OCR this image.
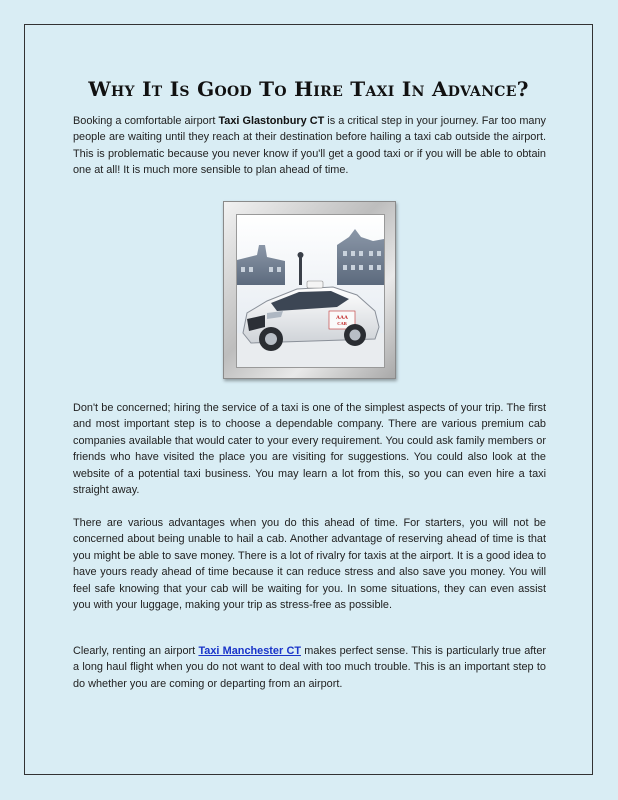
Why It Is Good To Hire Taxi In Advance?

Booking a comfortable airport Taxi Glastonbury CT is a critical step in your journey. Far too many people are waiting until they reach at their destination before hailing a taxi cab outside the airport. This is problematic because you never know if you'll get a good taxi or if you will be able to obtain one at all! It is much more sensible to plan ahead of time.

AAA
CAB

Don't be concerned; hiring the service of a taxi is one of the simplest aspects of your trip. The first and most important step is to choose a dependable company. There are various premium cab companies available that would cater to your every requirement. You could ask family members or friends who have visited the place you are visiting for suggestions. You could also look at the website of a potential taxi business. You may learn a lot from this, so you can even hire a taxi straight away.

There are various advantages when you do this ahead of time. For starters, you will not be concerned about being unable to hail a cab. Another advantage of reserving ahead of time is that you might be able to save money. There is a lot of rivalry for taxis at the airport. It is a good idea to have yours ready ahead of time because it can reduce stress and also save you money. You will feel safe knowing that your cab will be waiting for you. In some situations, they can even assist you with your luggage, making your trip as stress-free as possible.

Clearly, renting an airport Taxi Manchester CT makes perfect sense. This is particularly true after a long haul flight when you do not want to deal with too much trouble. This is an important step to do whether you are coming or departing from an airport.
